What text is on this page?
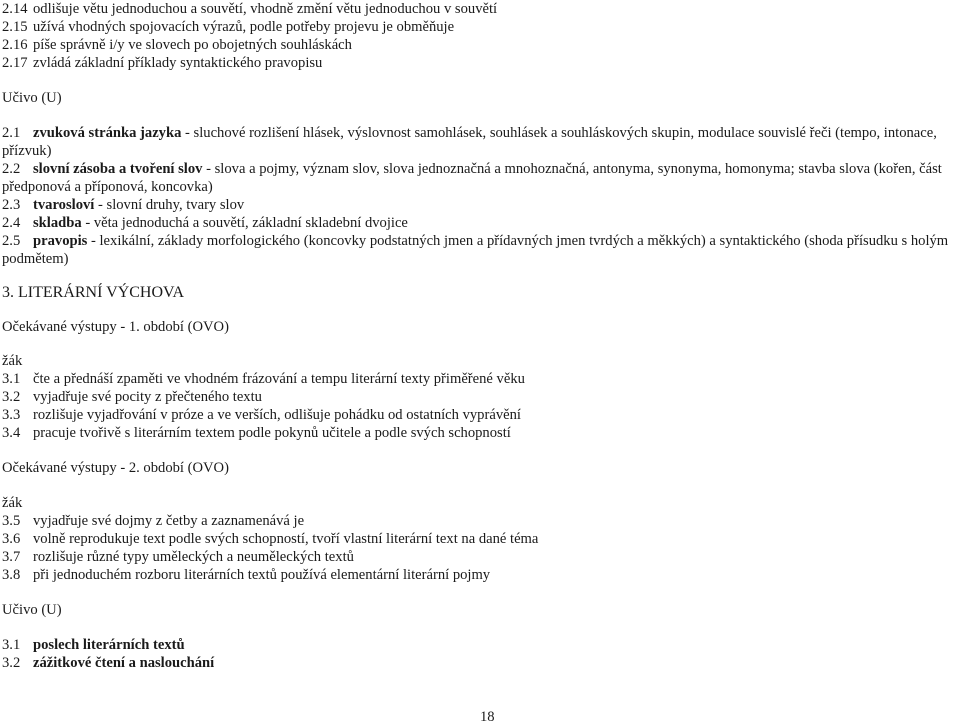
2.14 odlišuje větu jednoduchou a souvětí, vhodně změní větu jednoduchou v souvětí
2.15 užívá vhodných spojovacích výrazů, podle potřeby projevu je obměňuje
2.16 píše správně i/y ve slovech po obojetných souhláskách
2.17 zvládá základní příklady syntaktického pravopisu
Učivo (U)
2.1 zvuková stránka jazyka - sluchové rozlišení hlásek, výslovnost samohlásek, souhlásek a souhláskových skupin, modulace souvislé řeči (tempo, intonace, přízvuk)
2.2 slovní zásoba a tvoření slov - slova a pojmy, význam slov, slova jednoznačná a mnohoznačná, antonyma, synonyma, homonyma; stavba slova (kořen, část
předponová a příponová, koncovka)
2.3 tvarosloví - slovní druhy, tvary slov
2.4 skladba - věta jednoduchá a souvětí, základní skladební dvojice
2.5 pravopis - lexikální, základy morfologického (koncovky podstatných jmen a přídavných jmen tvrdých a měkkých) a syntaktického (shoda přísudku s holým podmětem)
3. LITERÁRNÍ VÝCHOVA
Očekávané výstupy - 1. období (OVO)
žák
3.1 čte a přednáší zpaměti ve vhodném frázování a tempu literární texty přiměřené věku
3.2 vyjadřuje své pocity z přečteného textu
3.3 rozlišuje vyjadřování v próze a ve verších, odlišuje pohádku od ostatních vyprávění
3.4 pracuje tvořivě s literárním textem podle pokynů učitele a podle svých schopností
Očekávané výstupy - 2. období (OVO)
žák
3.5 vyjadřuje své dojmy z četby a zaznamenává je
3.6 volně reprodukuje text podle svých schopností, tvoří vlastní literární text na dané téma
3.7 rozlišuje různé typy uměleckých a neuměleckých textů
3.8 při jednoduchém rozboru literárních textů používá elementární literární pojmy
Učivo (U)
3.1 poslech literárních textů
3.2 zážitkové čtení a naslouchání
18
